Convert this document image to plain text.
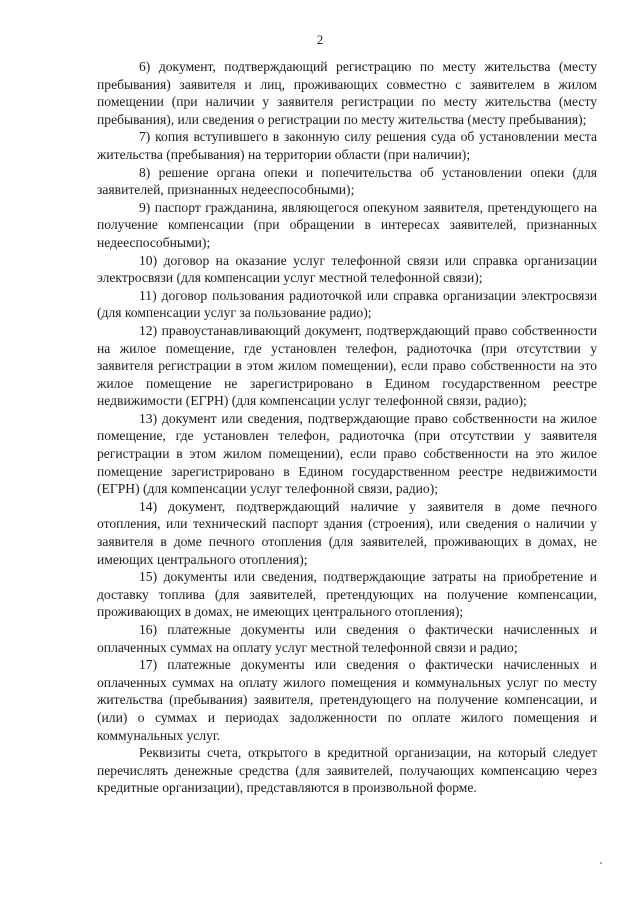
2

6) документ, подтверждающий регистрацию по месту жительства (месту пребывания) заявителя и лиц, проживающих совместно с заявителем в жилом помещении (при наличии у заявителя регистрации по месту жительства (месту пребывания), или сведения о регистрации по месту жительства (месту пребывания);

7) копия вступившего в законную силу решения суда об установлении места жительства (пребывания) на территории области (при наличии);

8) решение органа опеки и попечительства об установлении опеки (для заявителей, признанных недееспособными);

9) паспорт гражданина, являющегося опекуном заявителя, претендующего на получение компенсации (при обращении в интересах заявителей, признанных недееспособными);

10) договор на оказание услуг телефонной связи или справка организации электросвязи (для компенсации услуг местной телефонной связи);

11) договор пользования радиоточкой или справка организации электросвязи (для компенсации услуг за пользование радио);

12) правоустанавливающий документ, подтверждающий право собственности на жилое помещение, где установлен телефон, радиоточка (при отсутствии у заявителя регистрации в этом жилом помещении), если право собственности на это жилое помещение не зарегистрировано в Едином государственном реестре недвижимости (ЕГРН) (для компенсации услуг телефонной связи, радио);

13) документ или сведения, подтверждающие право собственности на жилое помещение, где установлен телефон, радиоточка (при отсутствии у заявителя регистрации в этом жилом помещении), если право собственности на это жилое помещение зарегистрировано в Едином государственном реестре недвижимости (ЕГРН) (для компенсации услуг телефонной связи, радио);

14) документ, подтверждающий наличие у заявителя в доме печного отопления, или технический паспорт здания (строения), или сведения о наличии у заявителя в доме печного отопления (для заявителей, проживающих в домах, не имеющих центрального отопления);

15) документы или сведения, подтверждающие затраты на приобретение и доставку топлива (для заявителей, претендующих на получение компенсации, проживающих в домах, не имеющих центрального отопления);

16) платежные документы или сведения о фактически начисленных и оплаченных суммах на оплату услуг местной телефонной связи и радио;

17) платежные документы или сведения о фактически начисленных и оплаченных суммах на оплату жилого помещения и коммунальных услуг по месту жительства (пребывания) заявителя, претендующего на получение компенсации, и (или) о суммах и периодах задолженности по оплате жилого помещения и коммунальных услуг.

Реквизиты счета, открытого в кредитной организации, на который следует перечислять денежные средства (для заявителей, получающих компенсацию через кредитные организации), представляются в произвольной форме.
